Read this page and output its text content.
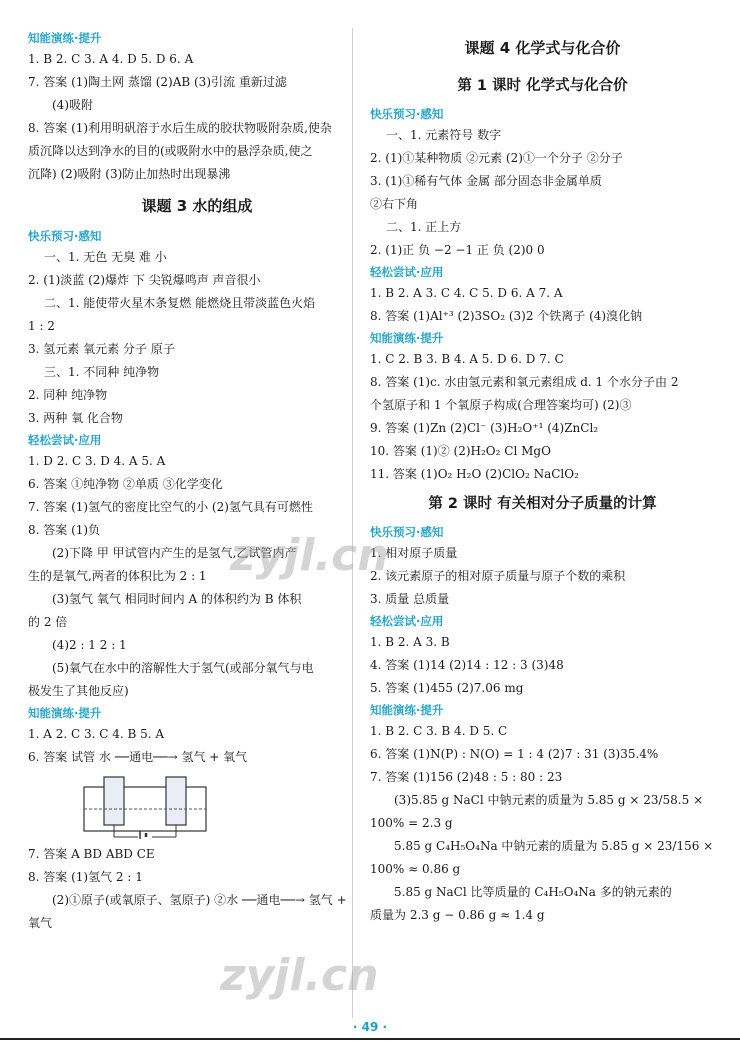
知能演练·提升
1. B 2. C 3. A 4. D 5. D 6. A
7. 答案 (1)陶土网 蒸馏 (2)AB (3)引流 重新过滤
(4)吸附
8. 答案 (1)利用明矾溶于水后生成的胶状物吸附杂质,使杂
质沉降以达到净水的目的(或吸附水中的悬浮杂质,使之
沉降) (2)吸附 (3)防止加热时出现暴沸
课题 3 水的组成
快乐预习·感知
一、1. 无色 无臭 难 小
2. (1)淡蓝 (2)爆炸 下 尖锐爆鸣声 声音很小
二、1. 能使带火星木条复燃 能燃烧且带淡蓝色火焰
1 : 2
3. 氢元素 氧元素 分子 原子
三、1. 不同种 纯净物
2. 同种 纯净物
3. 两种 氧 化合物
轻松尝试·应用
1. D 2. C 3. D 4. A 5. A
6. 答案 ①纯净物 ②单质 ③化学变化
7. 答案 (1)氢气的密度比空气的小 (2)氢气具有可燃性
8. 答案 (1)负
(2)下降 甲 甲试管内产生的是氢气,乙试管内产
生的是氧气,两者的体积比为 2 : 1
(3)氢气 氧气 相同时间内 A 的体积约为 B 体积
的 2 倍
(4)2 : 1 2 : 1
(5)氧气在水中的溶解性大于氢气(或部分氧气与电
极发生了其他反应)
知能演练·提升
1. A 2. C 3. C 4. B 5. A
6. 答案 试管 水 ──通电──→ 氢气 + 氧气
7. 答案 A BD ABD CE
8. 答案 (1)氢气 2 : 1
(2)①原子(或氧原子、氢原子) ②水 ──通电──→ 氢气 +
氧气
课题 4 化学式与化合价
第 1 课时 化学式与化合价
快乐预习·感知
一、1. 元素符号 数字
2. (1)①某种物质 ②元素 (2)①一个分子 ②分子
3. (1)①稀有气体 金属 部分固态非金属单质
②右下角
二、1. 正上方
2. (1)正 负 −2 −1 正 负 (2)0 0
轻松尝试·应用
1. B 2. A 3. C 4. C 5. D 6. A 7. A
8. 答案 (1)Al⁺³ (2)3SO₂ (3)2 个铁离子 (4)溴化钠
知能演练·提升
1. C 2. B 3. B 4. A 5. D 6. D 7. C
8. 答案 (1)c. 水由氢元素和氧元素组成 d. 1 个水分子由 2
个氢原子和 1 个氧原子构成(合理答案均可) (2)③
9. 答案 (1)Zn (2)Cl⁻ (3)H₂O⁺¹ (4)ZnCl₂
10. 答案 (1)② (2)H₂O₂ Cl MgO
11. 答案 (1)O₂ H₂O (2)ClO₂ NaClO₂
第 2 课时 有关相对分子质量的计算
快乐预习·感知
1. 相对原子质量
2. 该元素原子的相对原子质量与原子个数的乘积
3. 质量 总质量
轻松尝试·应用
1. B 2. A 3. B
4. 答案 (1)14 (2)14 : 12 : 3 (3)48
5. 答案 (1)455 (2)7.06 mg
知能演练·提升
1. B 2. C 3. B 4. D 5. C
6. 答案 (1)N(P) : N(O) = 1 : 4 (2)7 : 31 (3)35.4%
7. 答案 (1)156 (2)48 : 5 : 80 : 23
(3)5.85 g NaCl 中钠元素的质量为 5.85 g × 23/58.5 ×
100% = 2.3 g
5.85 g C₄H₅O₄Na 中钠元素的质量为 5.85 g × 23/156 ×
100% ≈ 0.86 g
5.85 g NaCl 比等质量的 C₄H₅O₄Na 多的钠元素的
质量为 2.3 g − 0.86 g ≈ 1.4 g
· 49 ·
zyjl.cn
zyjl.cn
